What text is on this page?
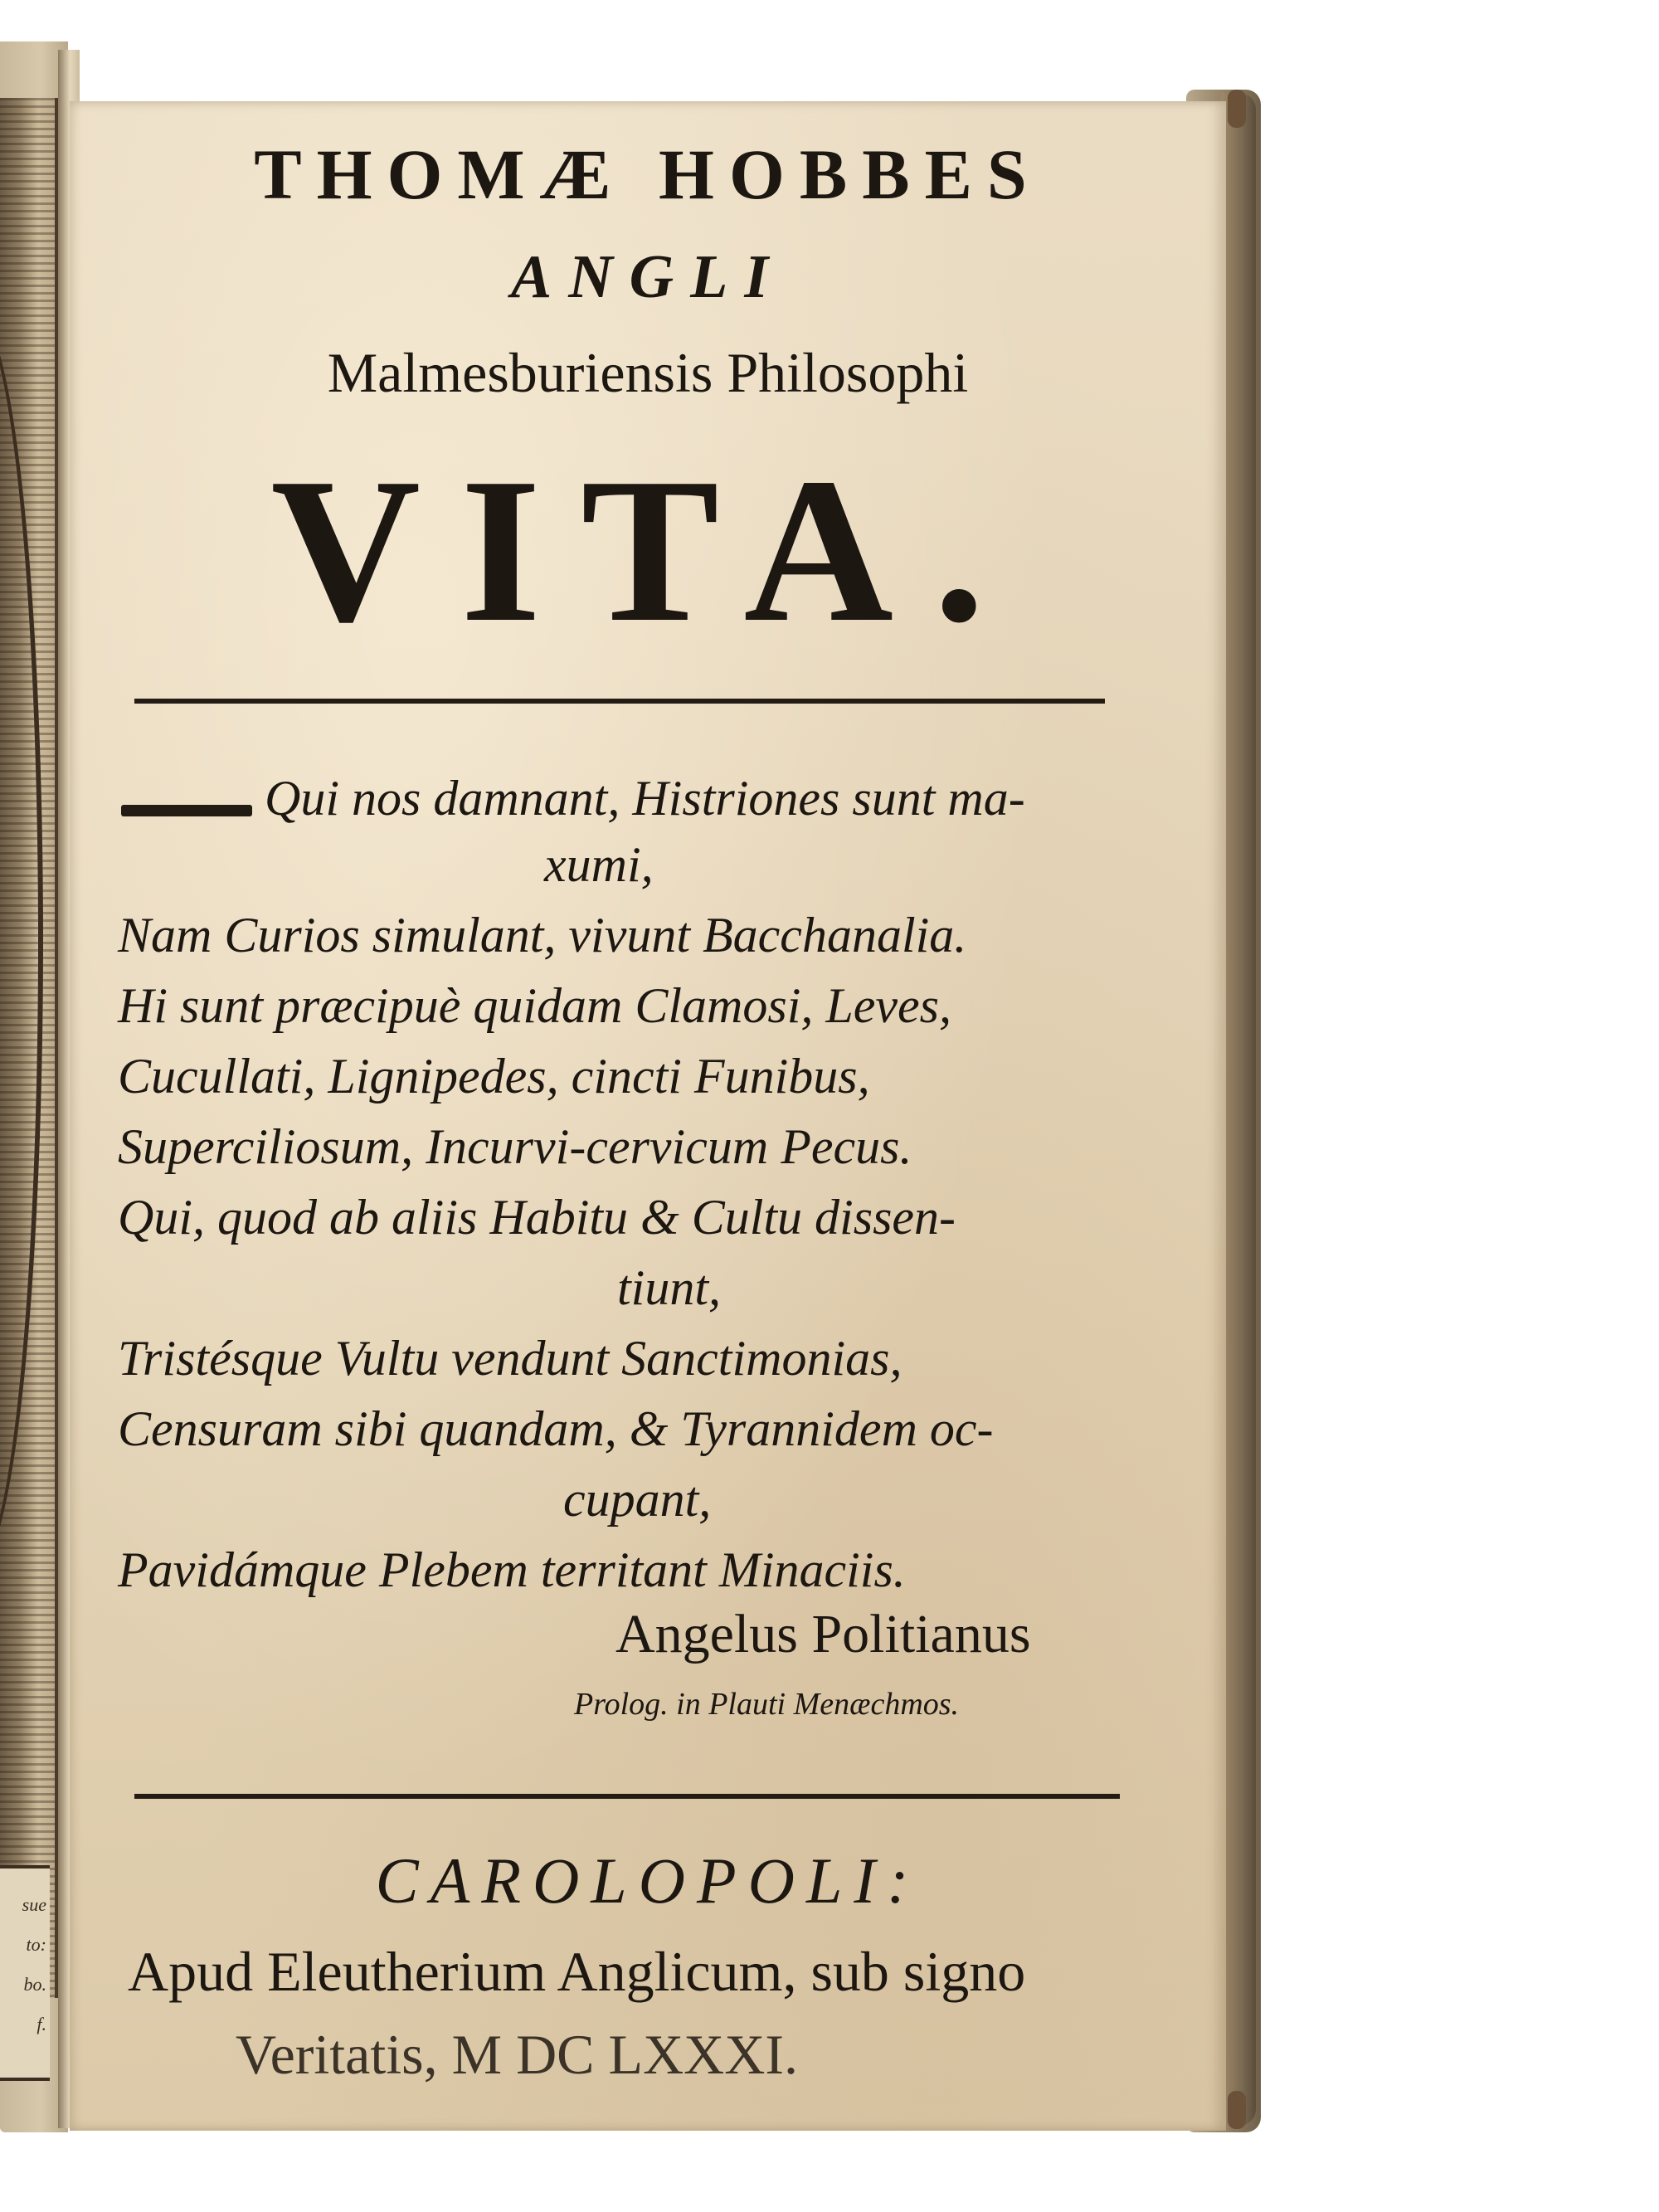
sue
to:
bo.
f.
THOMÆ HOBBES
ANGLI
Malmesburiensis Philosophi
VITA.
Qui nos damnant, Histriones sunt ma-
xumi,
Nam Curios simulant, vivunt Bacchanalia.
Hi sunt præcipuè quidam Clamosi, Leves,
Cucullati, Lignipedes, cincti Funibus,
Superciliosum, Incurvi-cervicum Pecus.
Qui, quod ab aliis Habitu & Cultu dissen-
tiunt,
Tristésque Vultu vendunt Sanctimonias,
Censuram sibi quandam, & Tyrannidem oc-
cupant,
Pavidámque Plebem territant Minaciis.
Angelus Politianus
Prolog. in Plauti Menæchmos.
CAROLOPOLI:
Apud Eleutherium Anglicum, sub signo
Veritatis, M DC LXXXI.
